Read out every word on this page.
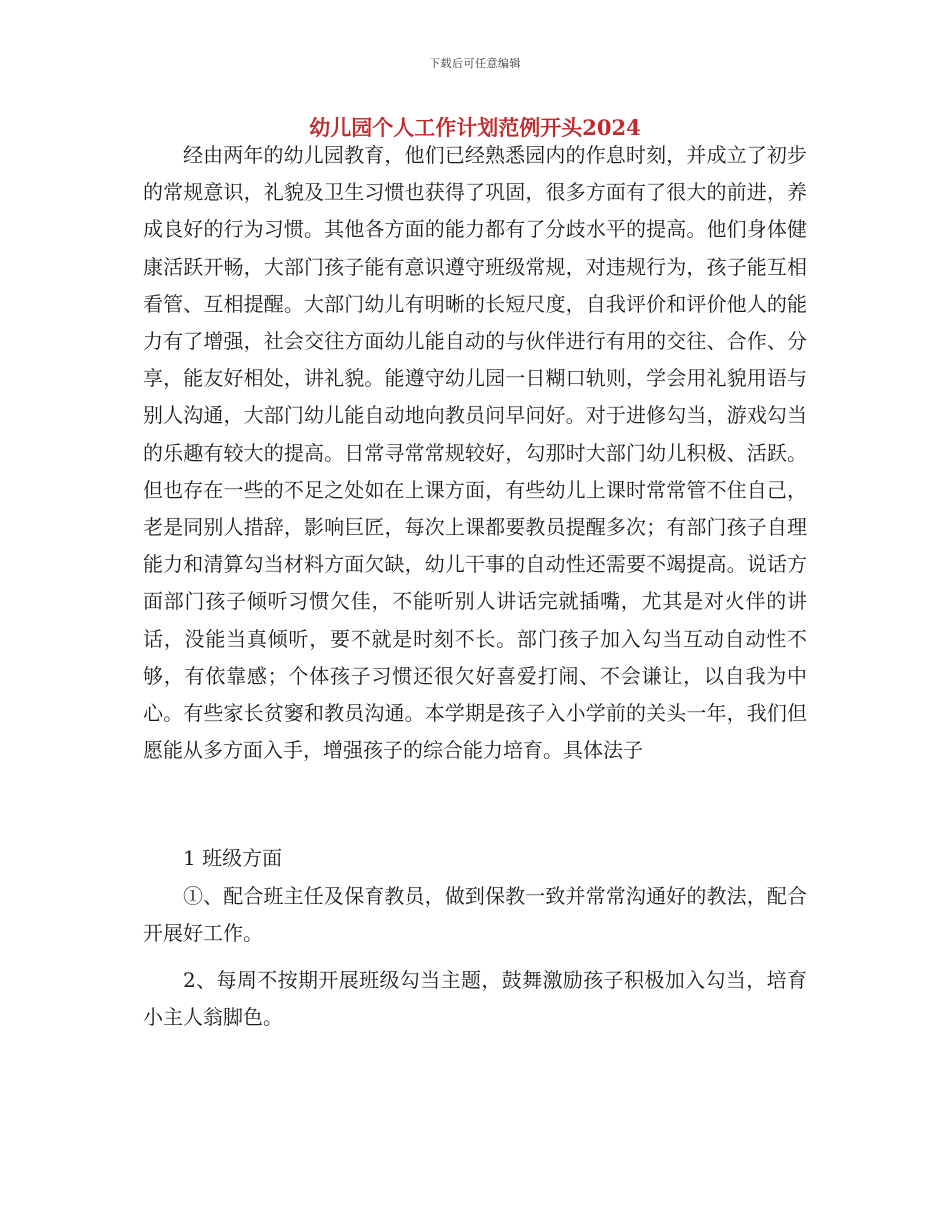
下载后可任意编辑
幼儿园个人工作计划范例开头2024

经由两年的幼儿园教育，他们已经熟悉园内的作息时刻，并成立了初步的常规意识，礼貌及卫生习惯也获得了巩固，很多方面有了很大的前进，养成良好的行为习惯。其他各方面的能力都有了分歧水平的提高。他们身体健康活跃开畅，大部门孩子能有意识遵守班级常规，对违规行为，孩子能互相看管、互相提醒。大部门幼儿有明晰的长短尺度，自我评价和评价他人的能力有了增强，社会交往方面幼儿能自动的与伙伴进行有用的交往、合作、分享，能友好相处，讲礼貌。能遵守幼儿园一日糊口轨则，学会用礼貌用语与别人沟通，大部门幼儿能自动地向教员问早问好。对于进修勾当，游戏勾当的乐趣有较大的提高。日常寻常常规较好，勾那时大部门幼儿积极、活跃。但也存在一些的不足之处如在上课方面，有些幼儿上课时常常管不住自己，老是同别人措辞，影响巨匠，每次上课都要教员提醒多次；有部门孩子自理能力和清算勾当材料方面欠缺，幼儿干事的自动性还需要不竭提高。说话方面部门孩子倾听习惯欠佳，不能听别人讲话完就插嘴，尤其是对火伴的讲话，没能当真倾听，要不就是时刻不长。部门孩子加入勾当互动自动性不够，有依靠感；个体孩子习惯还很欠好喜爱打闹、不会谦让，以自我为中心。有些家长贫窭和教员沟通。本学期是孩子入小学前的关头一年，我们但愿能从多方面入手，增强孩子的综合能力培育。具体法子

1 班级方面

①、配合班主任及保育教员，做到保教一致并常常沟通好的教法，配合开展好工作。

2、每周不按期开展班级勾当主题，鼓舞激励孩子积极加入勾当，培育小主人翁脚色。
